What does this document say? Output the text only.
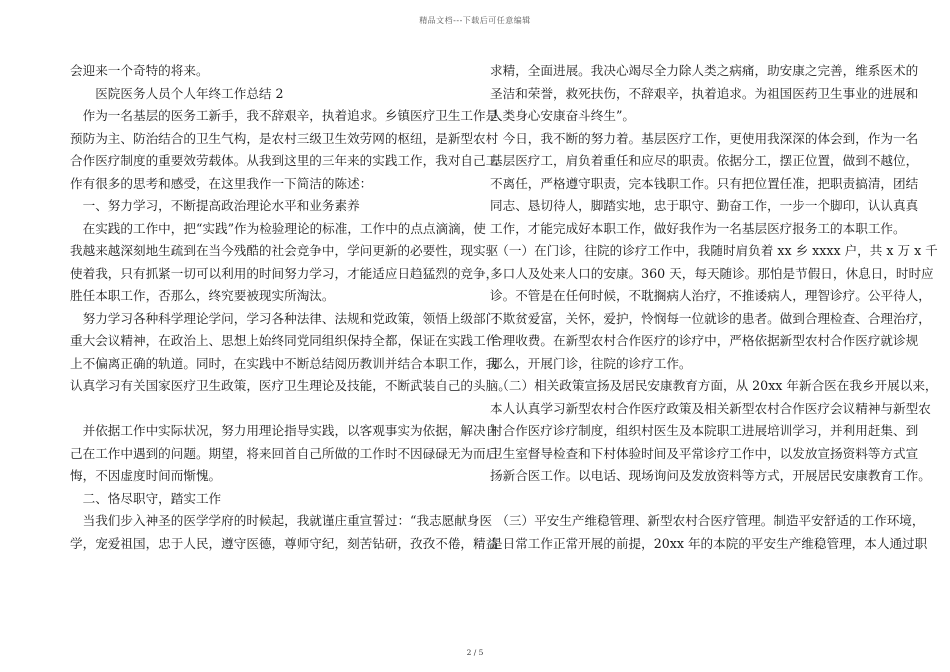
精品文档---下载后可任意编辑
会迎来一个奇特的将来。
　　医院医务人员个人年终工作总结 2
　作为一名基层的医务工新手，我不辞艰辛，执着追求。乡镇医疗卫生工作是
预防为主、防治结合的卫生气构，是农村三级卫生效劳网的枢纽，是新型农村
合作医疗制度的重要效劳载体。从我到这里的三年来的实践工作，我对自己工
作有很多的思考和感受，在这里我作一下简洁的陈述：
　一、努力学习，不断提高政治理论水平和业务素养
　在实践的工作中，把“实践”作为检验理论的标准，工作中的点点滴滴，使
我越来越深刻地生疏到在当今残酷的社会竞争中，学问更新的必要性，现实驱
使着我，只有抓紧一切可以利用的时间努力学习，才能适应日趋猛烈的竞争，
胜任本职工作，否那么，终究要被现实所淘汰。
　努力学习各种科学理论学问，学习各种法律、法规和党政策，领悟上级部门
重大会议精神，在政治上、思想上始终同党同组织保持全都，保证在实践工作
上不偏离正确的轨道。同时，在实践中不断总结阅历教训并结合本职工作，我
认真学习有关国家医疗卫生政策，医疗卫生理论及技能，不断武装自己的头脑。
　并依据工作中实际状况，努力用理论指导实践，以客观事实为依据，解决自
己在工作中遇到的问题。期望，将来回首自己所做的工作时不因碌碌无为而后
悔，不因虚度时间而惭愧。
　二、恪尽职守，踏实工作
　当我们步入神圣的医学学府的时候起，我就谨庄重宣誓过：“我志愿献身医
学，宠爱祖国，忠于人民，遵守医德，尊师守纪，刻苦钻研，孜孜不倦，精益
求精，全面进展。我决心竭尽全力除人类之病痛，助安康之完善，维系医术的
圣洁和荣誉，救死扶伤，不辞艰辛，执着追求。为祖国医药卫生事业的进展和
人类身心安康奋斗终生”。
　今日，我不断的努力着。基层医疗工作，更使用我深深的体会到，作为一名
基层医疗工，肩负着重任和应尽的职责。依据分工，摆正位置，做到不越位，
不离任，严格遵守职责，完本钱职工作。只有把位置任准，把职责搞清，团结
同志、恳切待人，脚踏实地，忠于职守、勤奋工作，一步一个脚印，认认真真
工作，才能完成好本职工作，做好我作为一名基层医疗报务工的本职工作。
　（一）在门诊，往院的诊疗工作中，我随时肩负着 xx 乡 xxxx 户，共 x 万 x 千
多口人及处来人口的安康。360 天，每天随诊。那怕是节假日，休息日，时时应
诊。不管是在任何时候，不耽搁病人治疗，不推诿病人，理智诊疗。公平待人，
不欺贫爱富，关怀，爱护，怜悯每一位就诊的患者。做到合理检查、合理治疗，
合理收费。在新型农村合作医疗的诊疗中，严格依据新型农村合作医疗就诊规
那么，开展门诊，往院的诊疗工作。
　（二）相关政策宣扬及居民安康教育方面，从 20xx 年新合医在我乡开展以来，
本人认真学习新型农村合作医疗政策及相关新型农村合作医疗会议精神与新型农
村合作医疗诊疗制度，组织村医生及本院职工进展培训学习，并利用赶集、到
卫生室督导检查和下村体验时间及平常诊疗工作中，以发放宣扬资料等方式宣
扬新合医工作。以电话、现场询问及发放资料等方式，开展居民安康教育工作。
　（三）平安生产维稳管理、新型农村合医疗管理。制造平安舒适的工作环境，
是日常工作正常开展的前提，20xx 年的本院的平安生产维稳管理，本人通过职
2 / 5
